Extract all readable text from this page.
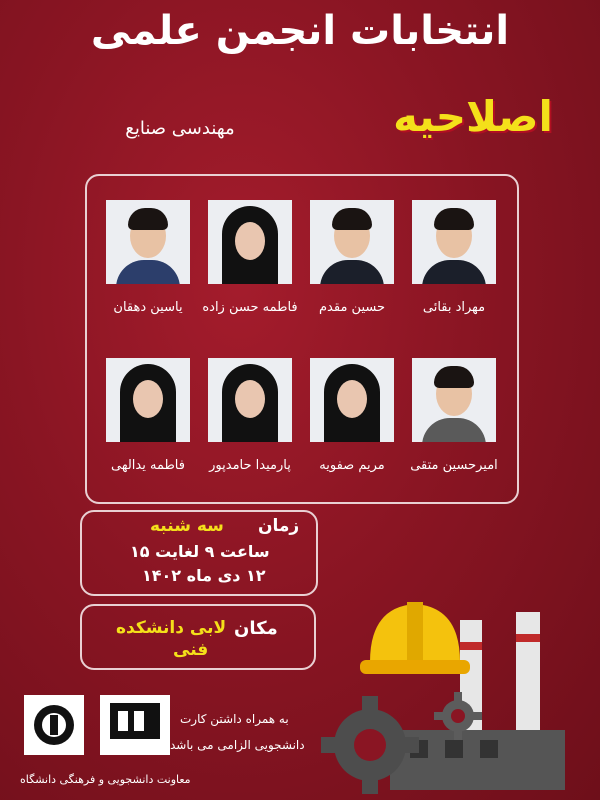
انتخابات انجمن علمی
اصلاحیه
مهندسی صنایع
مهراد بقائی
حسین مقدم
فاطمه حسن زاده
یاسین دهقان
امیرحسین متقی
مریم صفویه
پارمیدا حامدپور
فاطمه یدالهی
زمان
سه شنبه
ساعت ۹ لغایت ۱۵
۱۲ دی ماه ۱۴۰۲
مکان
لابی دانشکده
فنی
به همراه داشتن کارت
دانشجویی الزامی می باشد
معاونت دانشجویی و فرهنگی دانشگاه
